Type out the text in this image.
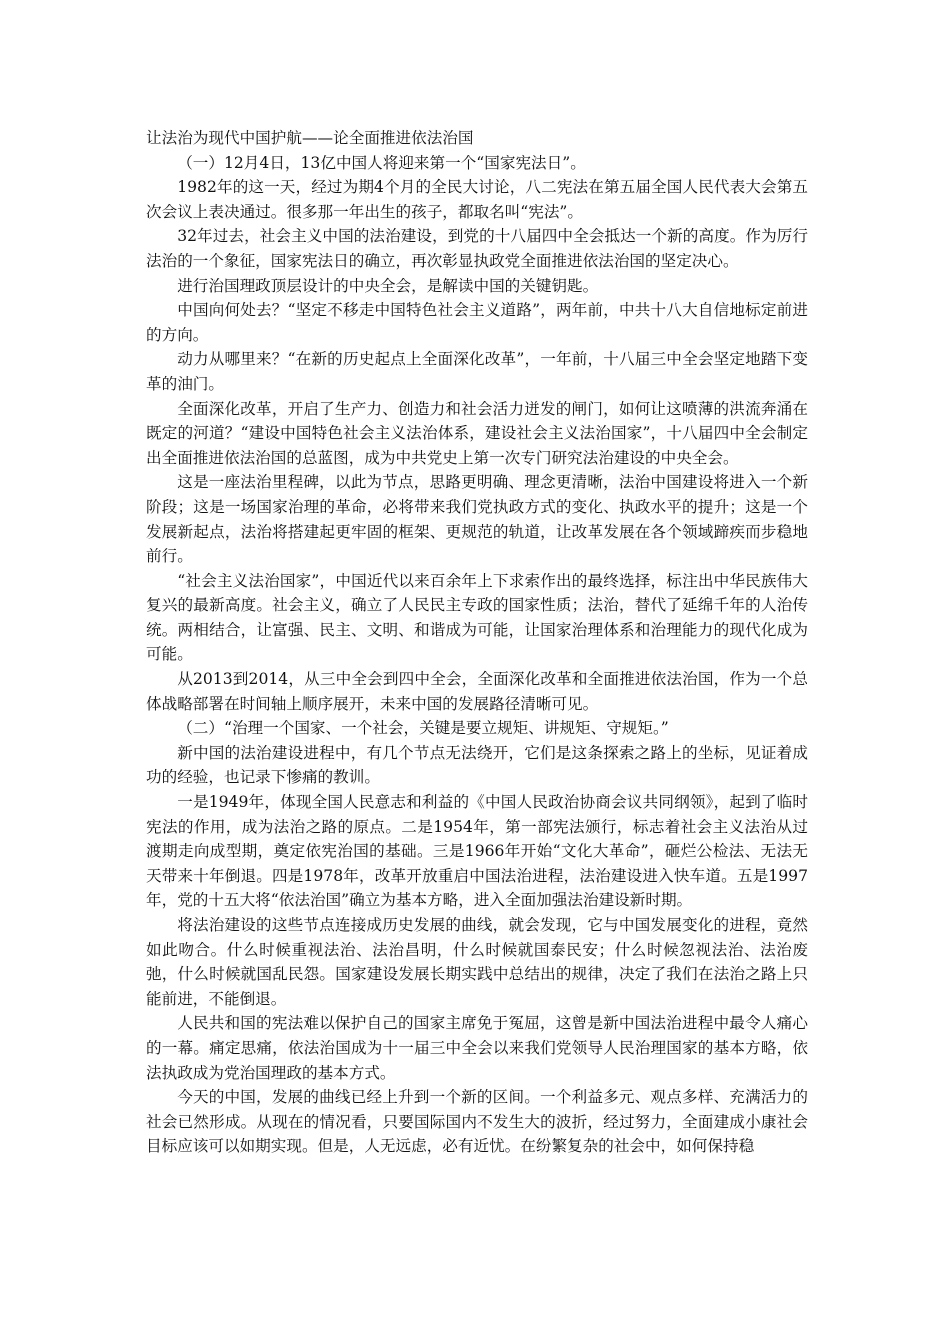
让法治为现代中国护航——论全面推进依法治国

（一）12月4日，13亿中国人将迎来第一个“国家宪法日”。

1982年的这一天，经过为期4个月的全民大讨论，八二宪法在第五届全国人民代表大会第五次会议上表决通过。很多那一年出生的孩子，都取名叫“宪法”。

32年过去，社会主义中国的法治建设，到党的十八届四中全会抵达一个新的高度。作为厉行法治的一个象征，国家宪法日的确立，再次彰显执政党全面推进依法治国的坚定决心。

进行治国理政顶层设计的中央全会，是解读中国的关键钥匙。

中国向何处去？“坚定不移走中国特色社会主义道路”，两年前，中共十八大自信地标定前进的方向。

动力从哪里来？“在新的历史起点上全面深化改革”，一年前，十八届三中全会坚定地踏下变革的油门。

全面深化改革，开启了生产力、创造力和社会活力迸发的闸门，如何让这喷薄的洪流奔涌在既定的河道？“建设中国特色社会主义法治体系，建设社会主义法治国家”，十八届四中全会制定出全面推进依法治国的总蓝图，成为中共党史上第一次专门研究法治建设的中央全会。

这是一座法治里程碑，以此为节点，思路更明确、理念更清晰，法治中国建设将进入一个新阶段；这是一场国家治理的革命，必将带来我们党执政方式的变化、执政水平的提升；这是一个发展新起点，法治将搭建起更牢固的框架、更规范的轨道，让改革发展在各个领域蹄疾而步稳地前行。

“社会主义法治国家”，中国近代以来百余年上下求索作出的最终选择，标注出中华民族伟大复兴的最新高度。社会主义，确立了人民民主专政的国家性质；法治，替代了延绵千年的人治传统。两相结合，让富强、民主、文明、和谐成为可能，让国家治理体系和治理能力的现代化成为可能。

从2013到2014，从三中全会到四中全会，全面深化改革和全面推进依法治国，作为一个总体战略部署在时间轴上顺序展开，未来中国的发展路径清晰可见。

（二）“治理一个国家、一个社会，关键是要立规矩、讲规矩、守规矩。”

新中国的法治建设进程中，有几个节点无法绕开，它们是这条探索之路上的坐标，见证着成功的经验，也记录下惨痛的教训。

一是1949年，体现全国人民意志和利益的《中国人民政治协商会议共同纲领》，起到了临时宪法的作用，成为法治之路的原点。二是1954年，第一部宪法颁行，标志着社会主义法治从过渡期走向成型期，奠定依宪治国的基础。三是1966年开始“文化大革命”，砸烂公检法、无法无天带来十年倒退。四是1978年，改革开放重启中国法治进程，法治建设进入快车道。五是1997年，党的十五大将“依法治国”确立为基本方略，进入全面加强法治建设新时期。

将法治建设的这些节点连接成历史发展的曲线，就会发现，它与中国发展变化的进程，竟然如此吻合。什么时候重视法治、法治昌明，什么时候就国泰民安；什么时候忽视法治、法治废弛，什么时候就国乱民怨。国家建设发展长期实践中总结出的规律，决定了我们在法治之路上只能前进，不能倒退。

人民共和国的宪法难以保护自己的国家主席免于冤屈，这曾是新中国法治进程中最令人痛心的一幕。痛定思痛，依法治国成为十一届三中全会以来我们党领导人民治理国家的基本方略，依法执政成为党治国理政的基本方式。

今天的中国，发展的曲线已经上升到一个新的区间。一个利益多元、观点多样、充满活力的社会已然形成。从现在的情况看，只要国际国内不发生大的波折，经过努力，全面建成小康社会目标应该可以如期实现。但是，人无远虑，必有近忧。在纷繁复杂的社会中，如何保持稳
